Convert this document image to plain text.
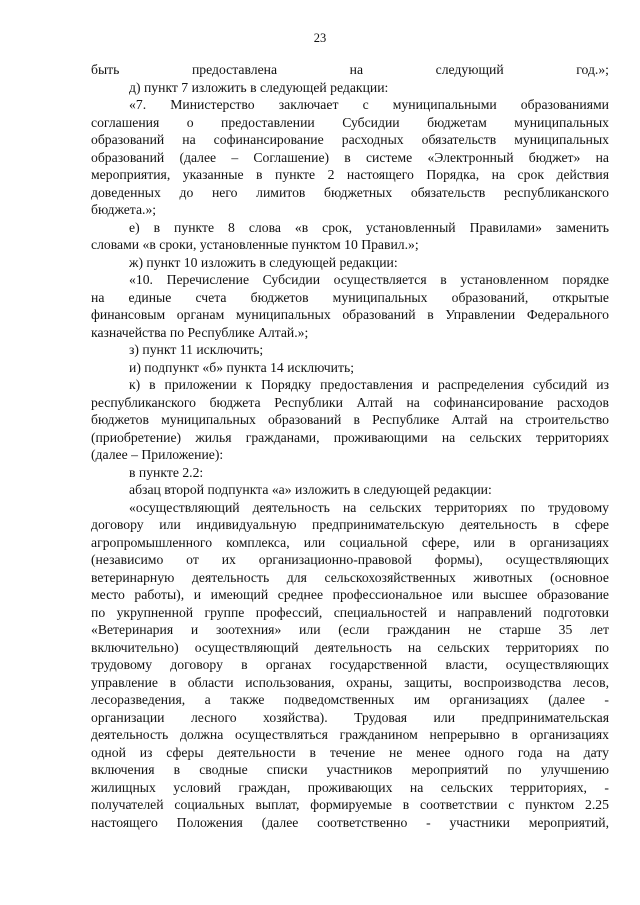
23
быть предоставлена на следующий год.»;
д) пункт 7 изложить в следующей редакции:
«7. Министерство заключает с муниципальными образованиями
соглашения о предоставлении Субсидии бюджетам муниципальных
образований на софинансирование расходных обязательств муниципальных
образований (далее – Соглашение) в системе «Электронный бюджет» на
мероприятия, указанные в пункте 2 настоящего Порядка, на срок действия
доведенных до него лимитов бюджетных обязательств республиканского
бюджета.»;
е) в пункте 8 слова «в срок, установленный Правилами» заменить
словами «в сроки, установленные пунктом 10 Правил.»;
ж) пункт 10 изложить в следующей редакции:
«10. Перечисление Субсидии осуществляется в установленном порядке
на единые счета бюджетов муниципальных образований, открытые
финансовым органам муниципальных образований в Управлении Федерального
казначейства по Республике Алтай.»;
з) пункт 11 исключить;
и) подпункт «б» пункта 14 исключить;
к) в приложении к Порядку предоставления и распределения субсидий из
республиканского бюджета Республики Алтай на софинансирование расходов
бюджетов муниципальных образований в Республике Алтай на строительство
(приобретение) жилья гражданами, проживающими на сельских территориях
(далее – Приложение):
в пункте 2.2:
абзац второй подпункта «а» изложить в следующей редакции:
«осуществляющий деятельность на сельских территориях по трудовому
договору или индивидуальную предпринимательскую деятельность в сфере
агропромышленного комплекса, или социальной сфере, или в организациях
(независимо от их организационно-правовой формы), осуществляющих
ветеринарную деятельность для сельскохозяйственных животных (основное
место работы), и имеющий среднее профессиональное или высшее образование
по укрупненной группе профессий, специальностей и направлений подготовки
«Ветеринария и зоотехния» или (если гражданин не старше 35 лет
включительно) осуществляющий деятельность на сельских территориях по
трудовому договору в органах государственной власти, осуществляющих
управление в области использования, охраны, защиты, воспроизводства лесов,
лесоразведения, а также подведомственных им организациях (далее -
организации лесного хозяйства). Трудовая или предпринимательская
деятельность должна осуществляться гражданином непрерывно в организациях
одной из сферы деятельности в течение не менее одного года на дату
включения в сводные списки участников мероприятий по улучшению
жилищных условий граждан, проживающих на сельских территориях, -
получателей социальных выплат, формируемые в соответствии с пунктом 2.25
настоящего Положения (далее соответственно - участники мероприятий,
